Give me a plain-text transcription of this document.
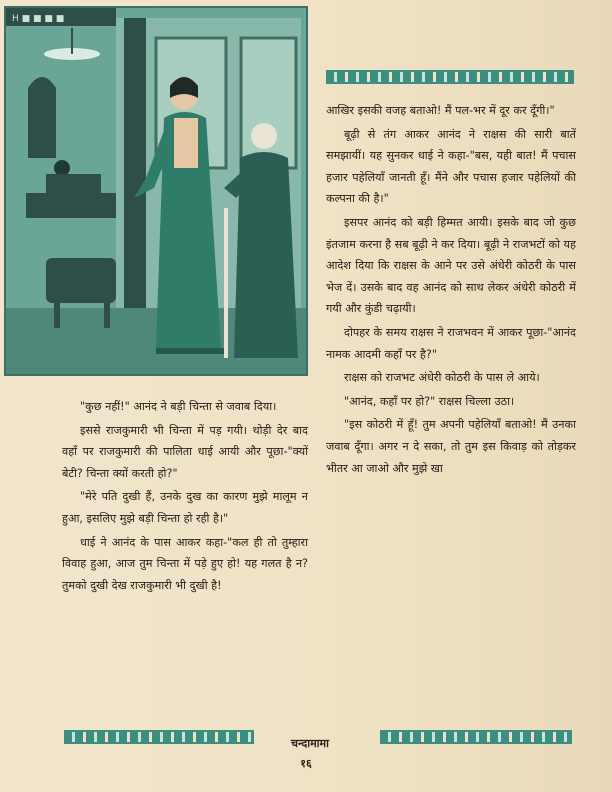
H ■ ■ ■ ■

आखिर इसकी वजह बताओ! मैं पल-भर में दूर कर दूँगी।"

बूढ़ी से तंग आकर आनंद ने राक्षस की सारी बातें समझायीं। यह सुनकर धाई ने कहा-"बस, यही बात! मैं पचास हजार पहेलियाँ जानती हूँ। मैंने और पचास हजार पहेलियों की कल्पना की है।"

इसपर आनंद को बड़ी हिम्मत आयी। इसके बाद जो कुछ इंतजाम करना है सब बूढ़ी ने कर दिया। बूढ़ी ने राजभटों को यह आदेश दिया कि राक्षस के आने पर उसे अंधेरी कोठरी के पास भेज दें। उसके बाद वह आनंद को साथ लेकर अंधेरी कोठरी में गयी और कुंडी चढ़ायी।

दोपहर के समय राक्षस ने राजभवन में आकर पूछा-"आनंद नामक आदमी कहाँ पर है?"

राक्षस को राजभट अंधेरी कोठरी के पास ले आये।

"आनंद, कहाँ पर हो?" राक्षस चिल्ला उठा।

"इस कोठरी में हूँ! तुम अपनी पहेलियाँ बताओ! मैं उनका जवाब दूँगा। अगर न दे सका, तो तुम इस किवाड़ को तोड़कर भीतर आ जाओ और मुझे खा

"कुछ नहीं!" आनंद ने बड़ी चिन्ता से जवाब दिया।

इससे राजकुमारी भी चिन्ता में पड़ गयी। थोड़ी देर बाद वहाँ पर राजकुमारी की पालिता धाई आयी और पूछा-"क्यों बेटी? चिन्ता क्यों करती हो?"

"मेरे पति दुखी हैं, उनके दुख का कारण मुझे मालूम न हुआ, इसलिए मुझे बड़ी चिन्ता हो रही है।"

धाई ने आनंद के पास आकर कहा-"कल ही तो तुम्हारा विवाह हुआ, आज तुम चिन्ता में पड़े हुए हो! यह गलत है न? तुमको दुखी देख राजकुमारी भी दुखी है!

चन्दामामा
१६
